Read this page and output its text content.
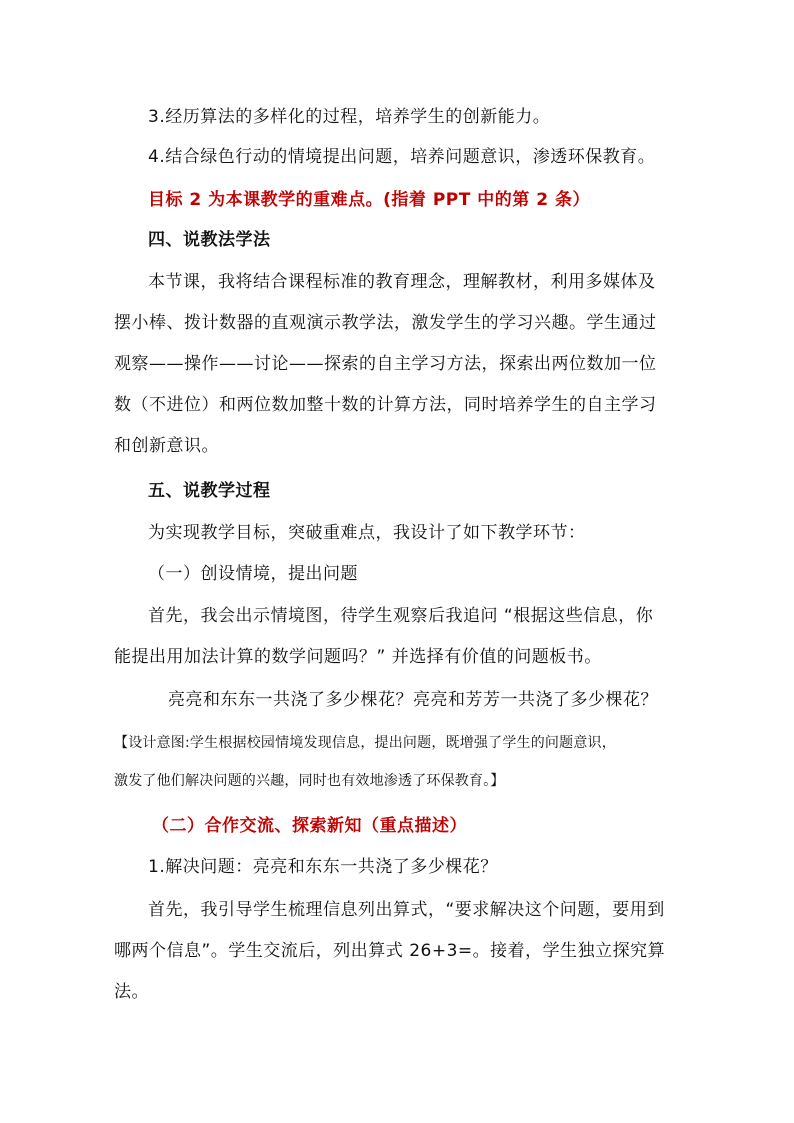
3.经历算法的多样化的过程，培养学生的创新能力。
4.结合绿色行动的情境提出问题，培养问题意识，渗透环保教育。
目标 2 为本课教学的重难点。(指着 PPT 中的第 2 条）
四、说教法学法
本节课，我将结合课程标准的教育理念，理解教材，利用多媒体及
摆小棒、拨计数器的直观演示教学法，激发学生的学习兴趣。学生通过
观察——操作——讨论——探索的自主学习方法，探索出两位数加一位
数（不进位）和两位数加整十数的计算方法，同时培养学生的自主学习
和创新意识。
五、说教学过程
为实现教学目标，突破重难点，我设计了如下教学环节：
（一）创设情境，提出问题
首先，我会出示情境图，待学生观察后我追问 “根据这些信息，你
能提出用加法计算的数学问题吗？” 并选择有价值的问题板书。
亮亮和东东一共浇了多少棵花？亮亮和芳芳一共浇了多少棵花？
【设计意图:学生根据校园情境发现信息，提出问题，既增强了学生的问题意识，
激发了他们解决问题的兴趣，同时也有效地渗透了环保教育。】
（二）合作交流、探索新知（重点描述）
1.解决问题：亮亮和东东一共浇了多少棵花？
首先，我引导学生梳理信息列出算式，“要求解决这个问题，要用到
哪两个信息”。学生交流后，列出算式 26+3=。接着，学生独立探究算
法。
